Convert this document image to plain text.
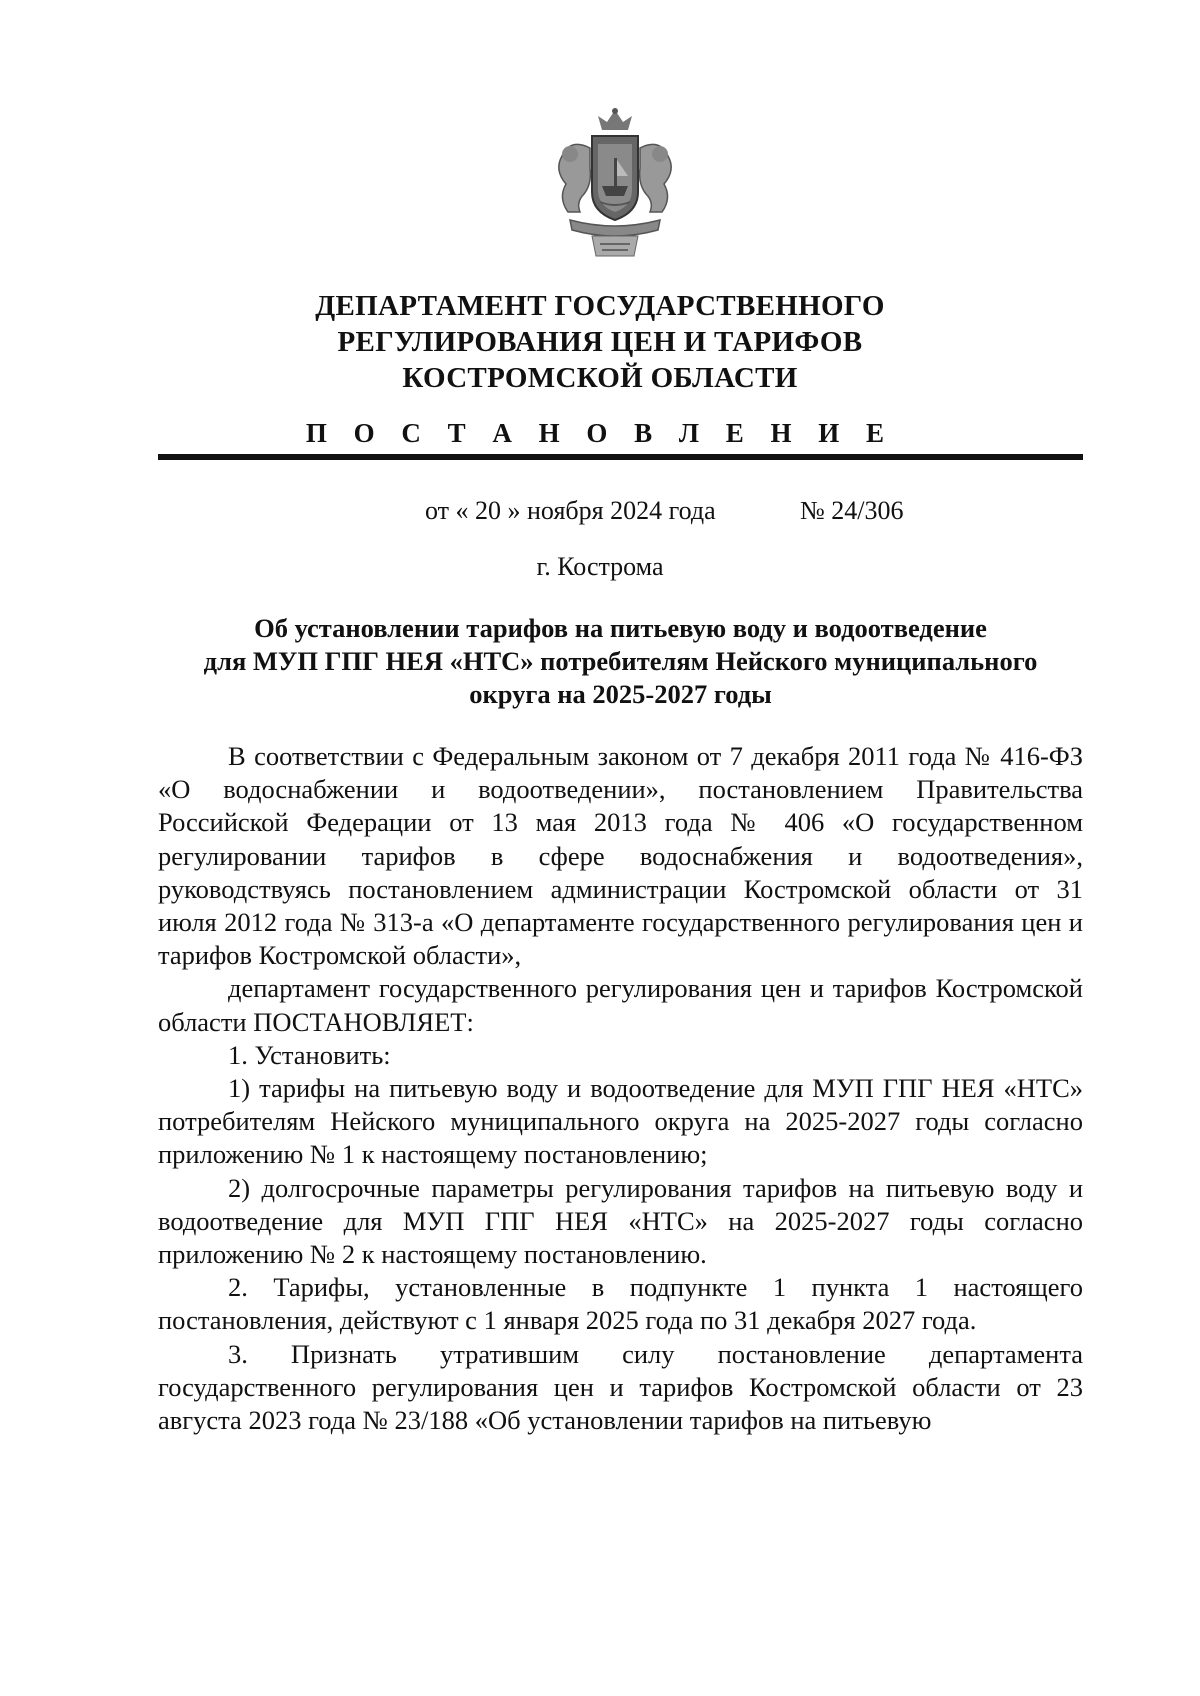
ДЕПАРТАМЕНТ ГОСУДАРСТВЕННОГО
РЕГУЛИРОВАНИЯ ЦЕН И ТАРИФОВ
КОСТРОМСКОЙ ОБЛАСТИ
П О С Т А Н О В Л Е Н И Е
от « 20 » ноября 2024 года	№ 24/306
г. Кострома
Об установлении тарифов на питьевую воду и водоотведение
для МУП ГПГ НЕЯ «НТС» потребителям Нейского муниципального
округа на 2025-2027 годы

В соответствии с Федеральным законом от 7 декабря 2011 года № 416-ФЗ «О водоснабжении и водоотведении», постановлением Правительства Российской Федерации от 13 мая 2013 года № 406 «О государственном регулировании тарифов в сфере водоснабжения и водоотведения», руководствуясь постановлением администрации Костромской области от 31 июля 2012 года № 313-а «О департаменте государственного регулирования цен и тарифов Костромской области»,

департамент государственного регулирования цен и тарифов Костромской области ПОСТАНОВЛЯЕТ:

1. Установить:

1) тарифы на питьевую воду и водоотведение для МУП ГПГ НЕЯ «НТС» потребителям Нейского муниципального округа на 2025-2027 годы согласно приложению № 1 к настоящему постановлению;

2) долгосрочные параметры регулирования тарифов на питьевую воду и водоотведение для МУП ГПГ НЕЯ «НТС» на 2025-2027 годы согласно приложению № 2 к настоящему постановлению.

2. Тарифы, установленные в подпункте 1 пункта 1 настоящего постановления, действуют с 1 января 2025 года по 31 декабря 2027 года.

3. Признать утратившим силу постановление департамента государственного регулирования цен и тарифов Костромской области от 23 августа 2023 года № 23/188 «Об установлении тарифов на питьевую
